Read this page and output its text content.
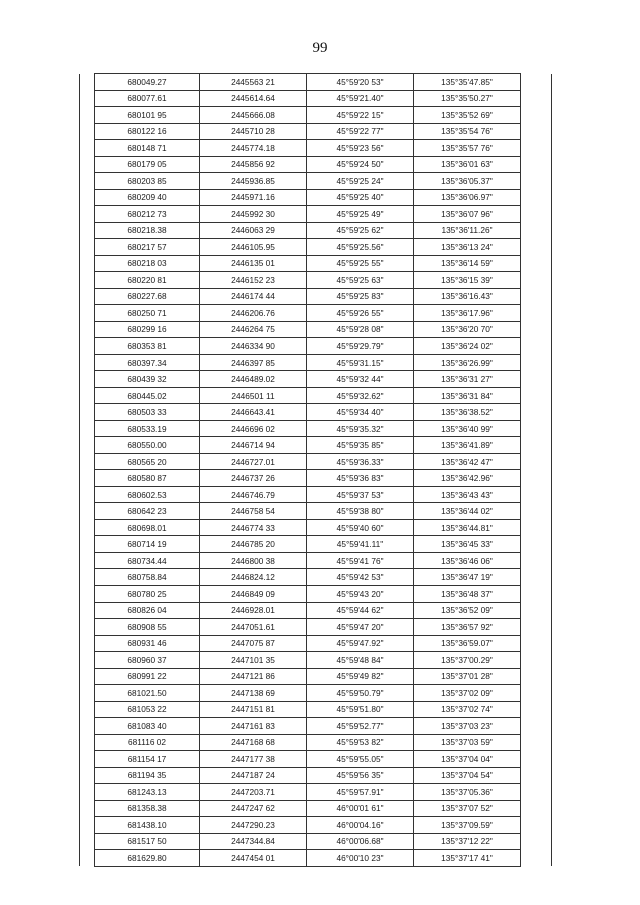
99
	680049.27	2445563 21	45°59'20 53"	135°35'47.85"	
	680077.61	2445614.64	45°59'21.40"	135°35'50.27"	
	680101 95	2445666.08	45°59'22 15"	135°35'52 69"	
	680122 16	2445710 28	45°59'22 77"	135°35'54 76"	
	680148 71	2445774.18	45°59'23 56"	135°35'57 76"	
	680179 05	2445856 92	45°59'24 50"	135°36'01 63"	
	680203 85	2445936.85	45°59'25 24"	135°36'05.37"	
	680209 40	2445971.16	45°59'25 40"	135°36'06.97"	
	680212 73	2445992 30	45°59'25 49"	135°36'07 96"	
	680218.38	2446063 29	45°59'25 62"	135°36'11.26"	
	680217 57	2446105.95	45°59'25.56"	135°36'13 24"	
	680218 03	2446135 01	45°59'25 55"	135°36'14 59"	
	680220 81	2446152 23	45°59'25 63"	135°36'15 39"	
	680227.68	2446174 44	45°59'25 83"	135°36'16.43"	
	680250 71	2446206.76	45°59'26 55"	135°36'17.96"	
	680299 16	2446264 75	45°59'28 08"	135°36'20 70"	
	680353 81	2446334 90	45°59'29.79"	135°36'24 02"	
	680397.34	2446397 85	45°59'31.15"	135°36'26.99"	
	680439 32	2446489.02	45°59'32 44"	135°36'31 27"	
	680445.02	2446501 11	45°59'32.62"	135°36'31 84"	
	680503 33	2446643.41	45°59'34 40"	135°36'38.52"	
	680533.19	2446696 02	45°59'35.32"	135°36'40 99"	
	680550.00	2446714 94	45°59'35 85"	135°36'41.89"	
	680565 20	2446727.01	45°59'36.33"	135°36'42 47"	
	680580 87	2446737 26	45°59'36 83"	135°36'42.96"	
	680602.53	2446746.79	45°59'37 53"	135°36'43 43"	
	680642 23	2446758 54	45°59'38 80"	135°36'44 02"	
	680698.01	2446774 33	45°59'40 60"	135°36'44.81"	
	680714 19	2446785 20	45°59'41.11"	135°36'45 33"	
	680734.44	2446800 38	45°59'41 76"	135°36'46 06"	
	680758.84	2446824.12	45°59'42 53"	135°36'47 19"	
	680780 25	2446849 09	45°59'43 20"	135°36'48 37"	
	680826 04	2446928.01	45°59'44 62"	135°36'52 09"	
	680908 55	2447051.61	45°59'47 20"	135°36'57 92"	
	680931 46	2447075 87	45°59'47.92"	135°36'59.07"	
	680960 37	2447101 35	45°59'48 84"	135°37'00.29"	
	680991 22	2447121 86	45°59'49 82"	135°37'01 28"	
	681021.50	2447138 69	45°59'50.79"	135°37'02 09"	
	681053 22	2447151 81	45°59'51.80"	135°37'02 74"	
	681083 40	2447161 83	45°59'52.77"	135°37'03 23"	
	681116 02	2447168 68	45°59'53 82"	135°37'03 59"	
	681154 17	2447177 38	45°59'55.05"	135°37'04 04"	
	681194 35	2447187 24	45°59'56 35"	135°37'04 54"	
	681243.13	2447203.71	45°59'57.91"	135°37'05.36"	
	681358.38	2447247 62	46°00'01 61"	135°37'07 52"	
	681438.10	2447290.23	46°00'04.16"	135°37'09.59"	
	681517 50	2447344.84	46°00'06.68"	135°37'12 22"	
	681629.80	2447454 01	46°00'10 23"	135°37'17 41"	
